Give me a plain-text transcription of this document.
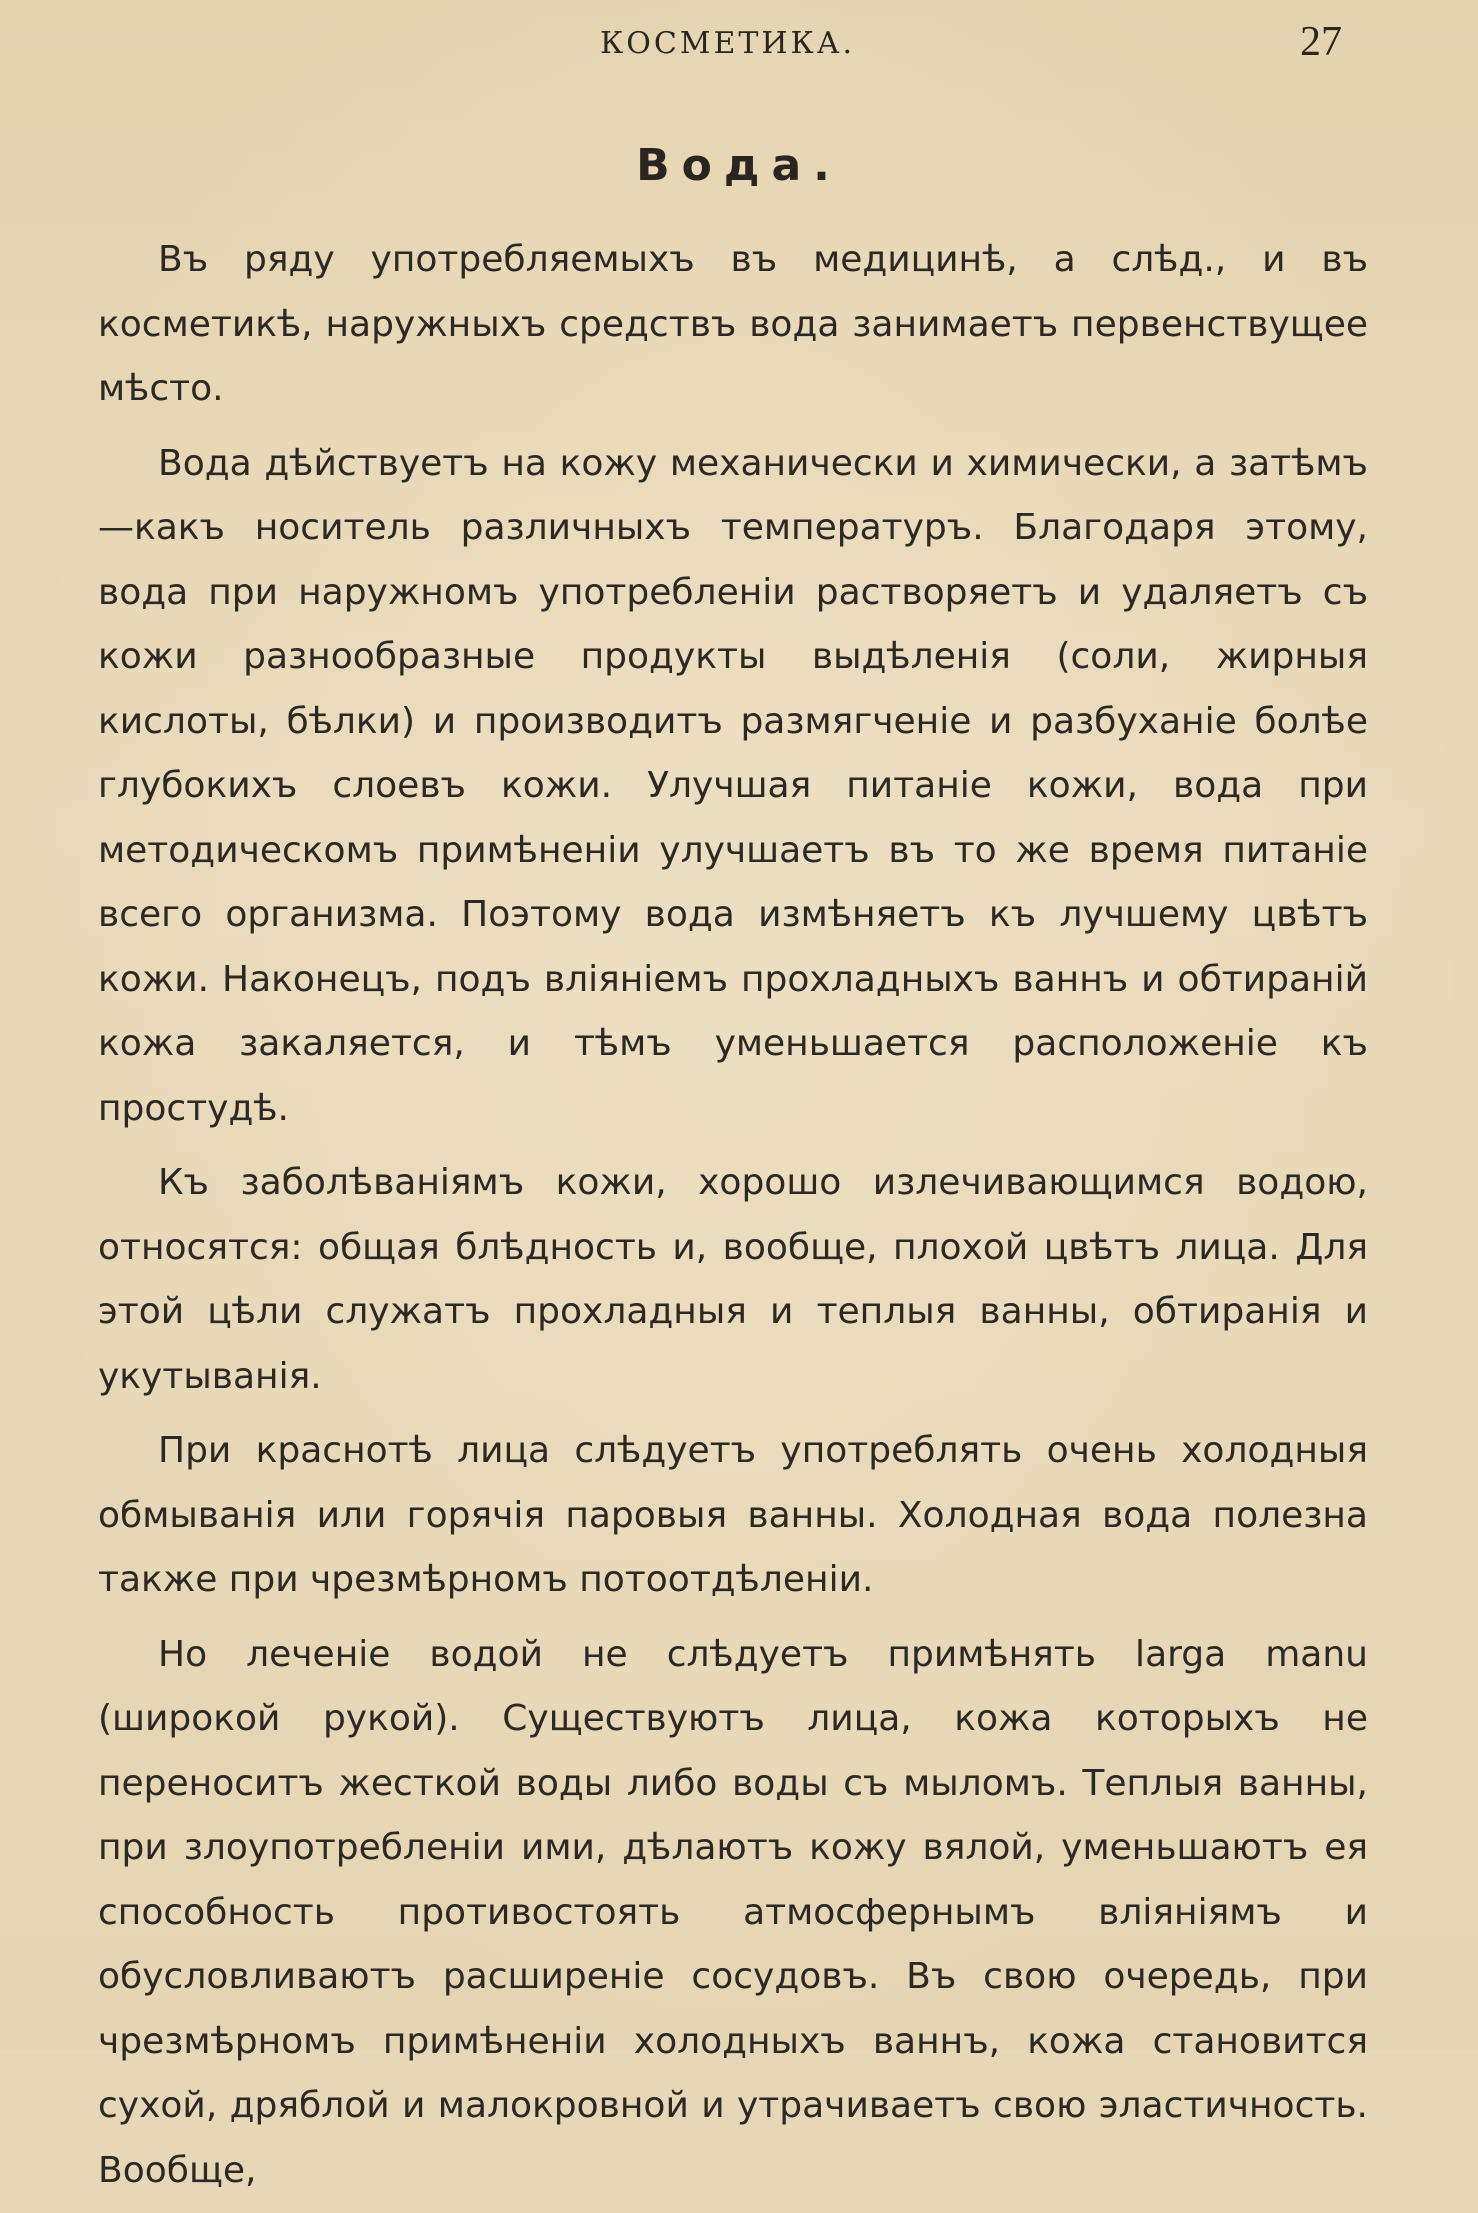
КОСМЕТИКА.	27
Вода.

Въ ряду употребляемыхъ въ медицинѣ, а слѣд., и въ косметикѣ, наружныхъ средствъ вода занимаетъ первенствущее мѣсто.

Вода дѣйствуетъ на кожу механически и химически, а затѣмъ—какъ носитель различныхъ температуръ. Благодаря этому, вода при наружномъ употребленіи растворяетъ и удаляетъ съ кожи разнообразные продукты выдѣленія (соли, жирныя кислоты, бѣлки) и производитъ размягченіе и разбуханіе болѣе глубокихъ слоевъ кожи. Улучшая питаніе кожи, вода при методическомъ примѣненіи улучшаетъ въ то же время питаніе всего организма. Поэтому вода измѣняетъ къ лучшему цвѣтъ кожи. Наконецъ, подъ вліяніемъ прохладныхъ ваннъ и обтираній кожа закаляется, и тѣмъ уменьшается расположеніе къ простудѣ.

Къ заболѣваніямъ кожи, хорошо излечивающимся водою, относятся: общая блѣдность и, вообще, плохой цвѣтъ лица. Для этой цѣли служатъ прохладныя и теплыя ванны, обтиранія и укутыванія.

При краснотѣ лица слѣдуетъ употреблять очень холодныя обмыванія или горячія паровыя ванны. Холодная вода полезна также при чрезмѣрномъ потоотдѣленіи.

Но леченіе водой не слѣдуетъ примѣнять larga manu (широкой рукой). Существуютъ лица, кожа которыхъ не переноситъ жесткой воды либо воды съ мыломъ. Теплыя ванны, при злоупотребленіи ими, дѣлаютъ кожу вялой, уменьшаютъ ея способность противостоять атмосфернымъ вліяніямъ и обусловливаютъ расширеніе сосудовъ. Въ свою очередь, при чрезмѣрномъ примѣненіи холодныхъ ваннъ, кожа становится сухой, дряблой и малокровной и утрачиваетъ свою эластичность. Вообще,
